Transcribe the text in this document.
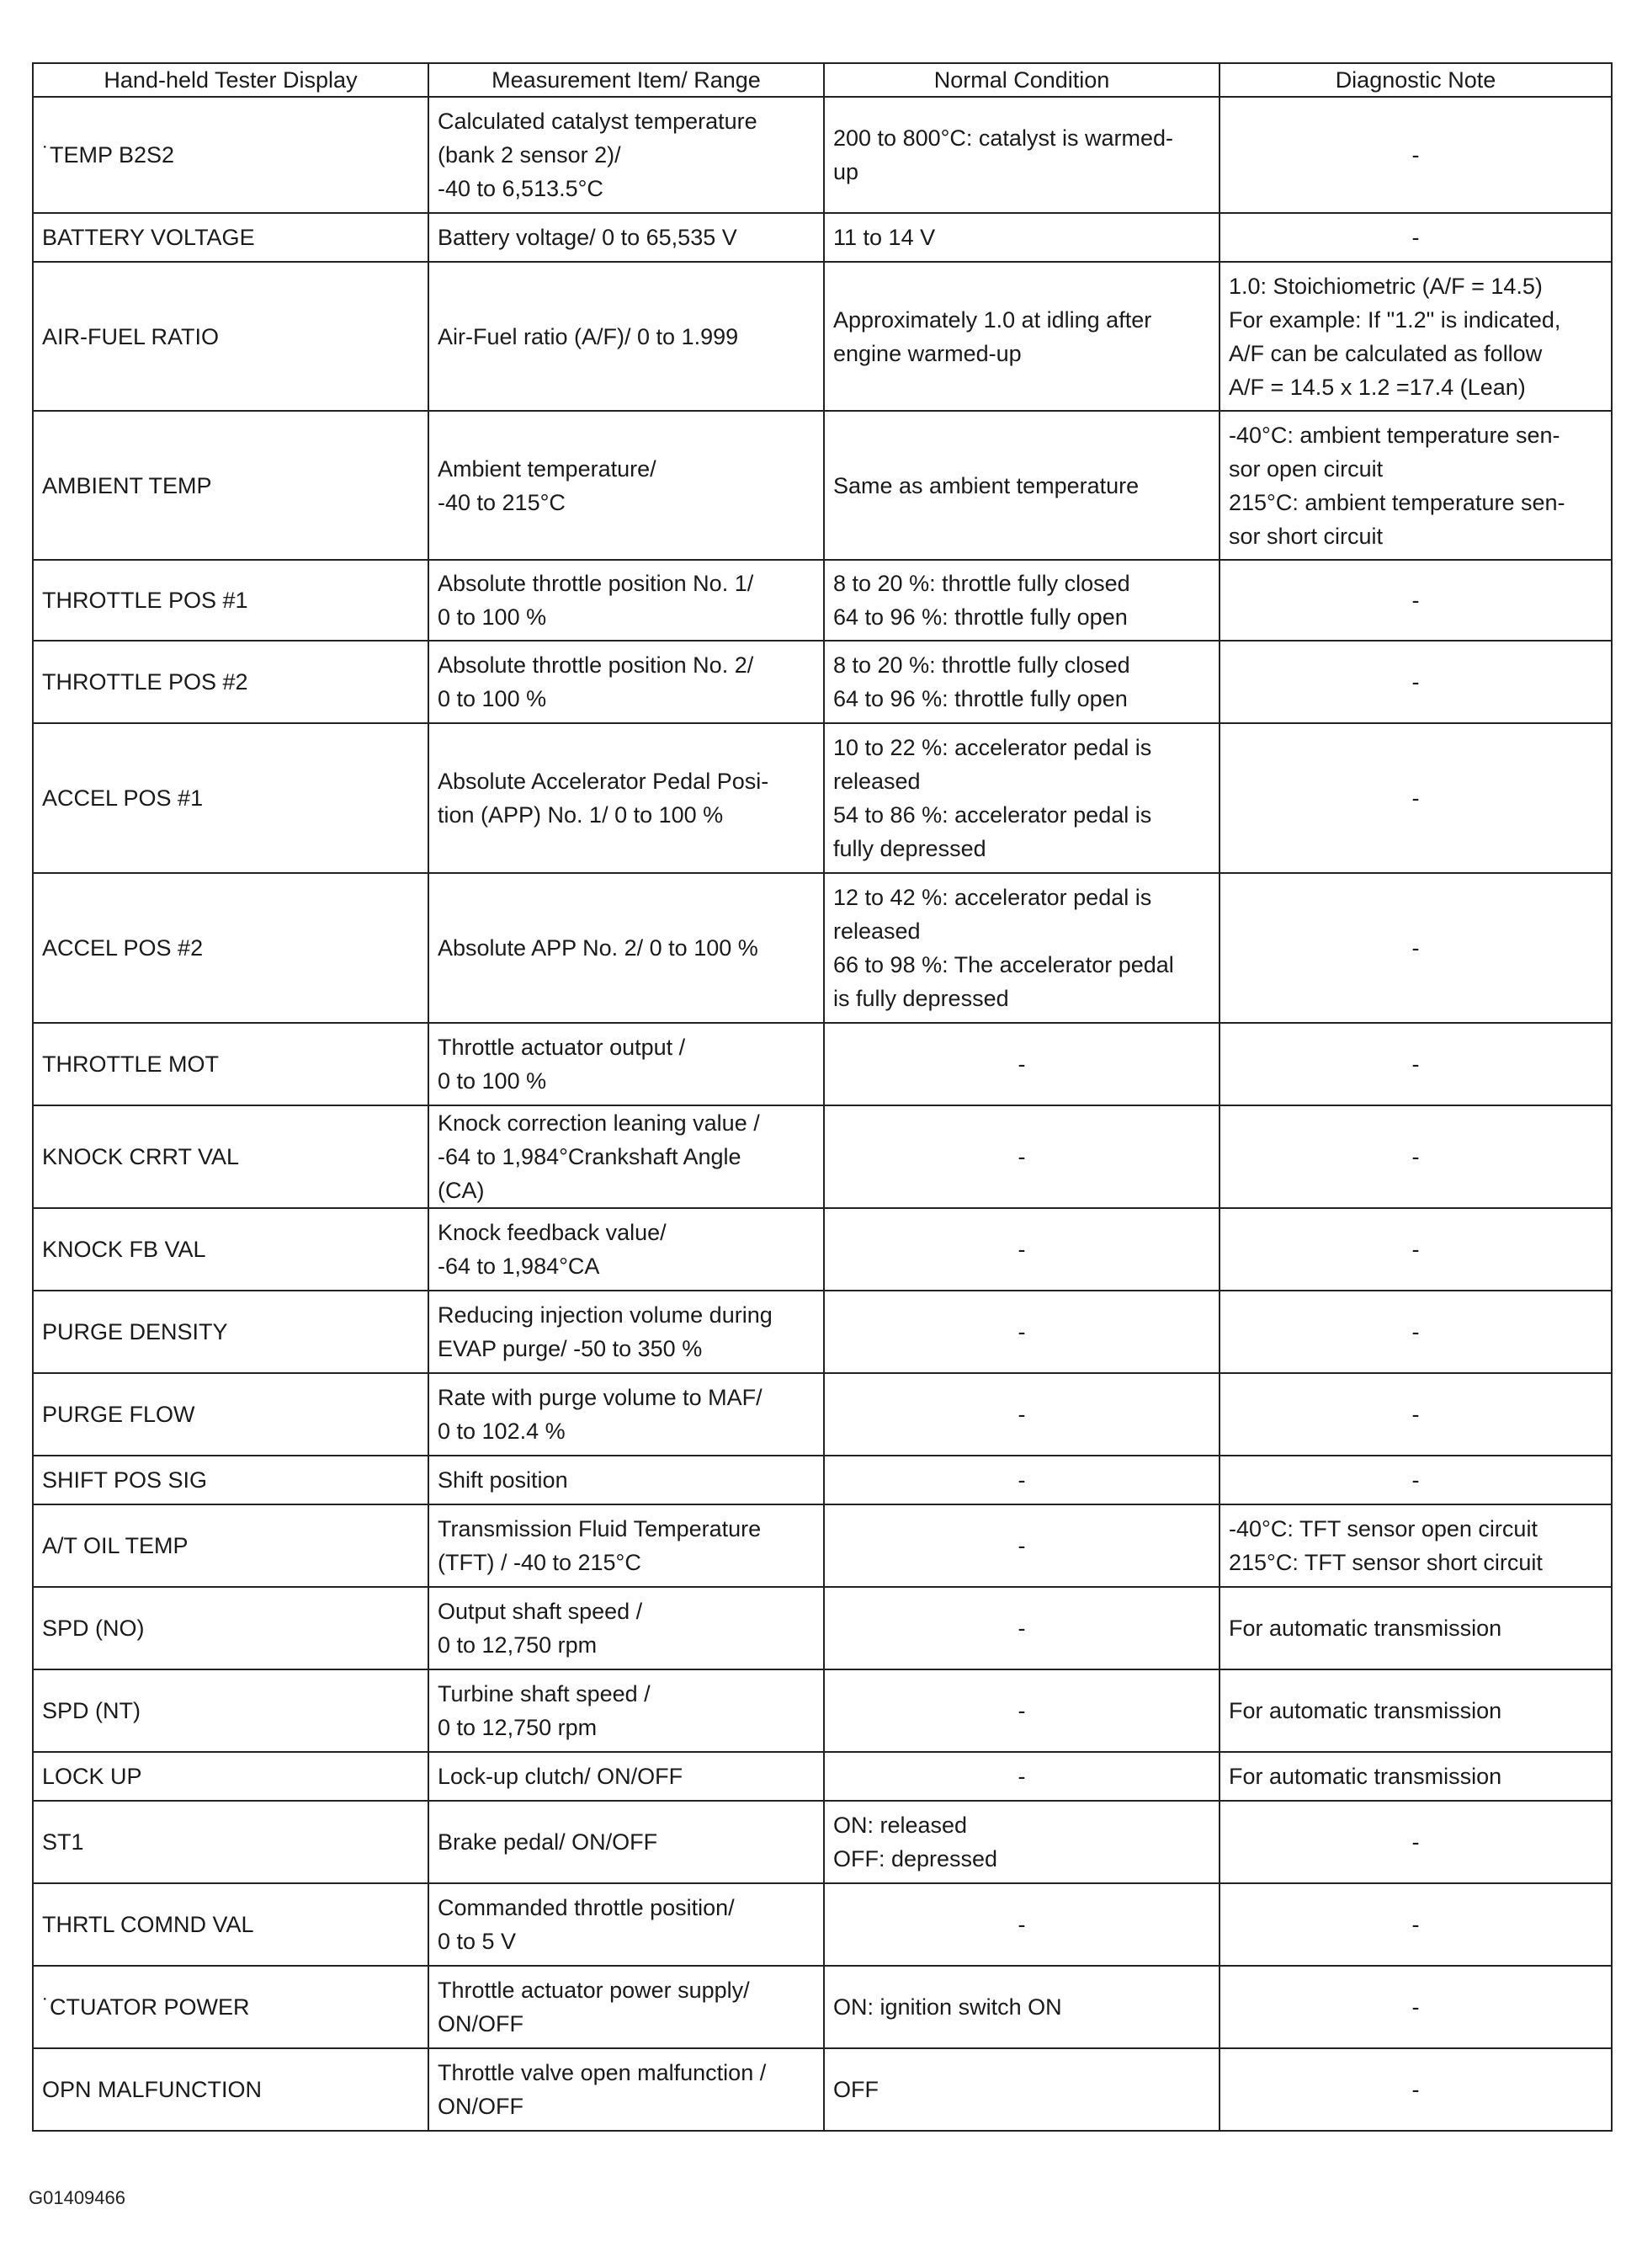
Hand-held Tester Display	Measurement Item/ Range	Normal Condition	Diagnostic Note
˙TEMP B2S2	Calculated catalyst temperature
(bank 2 sensor 2)/
-40 to 6,513.5°C	200 to 800°C: catalyst is warmed-
up	-
BATTERY VOLTAGE	Battery voltage/ 0 to 65,535 V	11 to 14 V	-
AIR-FUEL RATIO	Air-Fuel ratio (A/F)/ 0 to 1.999	Approximately 1.0 at idling after
engine warmed-up	1.0: Stoichiometric (A/F = 14.5)
For example: If "1.2" is indicated,
A/F can be calculated as follow
A/F = 14.5 x 1.2 =17.4 (Lean)
AMBIENT TEMP	Ambient temperature/
-40 to 215°C	Same as ambient temperature	-40°C: ambient temperature sen-
sor open circuit
215°C: ambient temperature sen-
sor short circuit
THROTTLE POS #1	Absolute throttle position No. 1/
0 to 100 %	8 to 20 %: throttle fully closed
64 to 96 %: throttle fully open	-
THROTTLE POS #2	Absolute throttle position No. 2/
0 to 100 %	8 to 20 %: throttle fully closed
64 to 96 %: throttle fully open	-
ACCEL POS #1	Absolute Accelerator Pedal Posi-
tion (APP) No. 1/ 0 to 100 %	10 to 22 %: accelerator pedal is
released
54 to 86 %: accelerator pedal is
fully depressed	-
ACCEL POS #2	Absolute APP No. 2/ 0 to 100 %	12 to 42 %: accelerator pedal is
released
66 to 98 %: The accelerator pedal
is fully depressed	-
THROTTLE MOT	Throttle actuator output /
0 to 100 %	-	-
KNOCK CRRT VAL	Knock correction leaning value /
-64 to 1,984°Crankshaft Angle
(CA)	-	-
KNOCK FB VAL	Knock feedback value/
-64 to 1,984°CA	-	-
PURGE DENSITY	Reducing injection volume during
EVAP purge/ -50 to 350 %	-	-
PURGE FLOW	Rate with purge volume to MAF/
0 to 102.4 %	-	-
SHIFT POS SIG	Shift position	-	-
A/T OIL TEMP	Transmission Fluid Temperature
(TFT) / -40 to 215°C	-	-40°C: TFT sensor open circuit
215°C: TFT sensor short circuit
SPD (NO)	Output shaft speed /
0 to 12,750 rpm	-	For automatic transmission
SPD (NT)	Turbine shaft speed /
0 to 12,750 rpm	-	For automatic transmission
LOCK UP	Lock-up clutch/ ON/OFF	-	For automatic transmission
ST1	Brake pedal/ ON/OFF	ON: released
OFF: depressed	-
THRTL COMND VAL	Commanded throttle position/
0 to 5 V	-	-
˙CTUATOR POWER	Throttle actuator power supply/
ON/OFF	ON: ignition switch ON	-
OPN MALFUNCTION	Throttle valve open malfunction /
ON/OFF	OFF	-
G01409466
